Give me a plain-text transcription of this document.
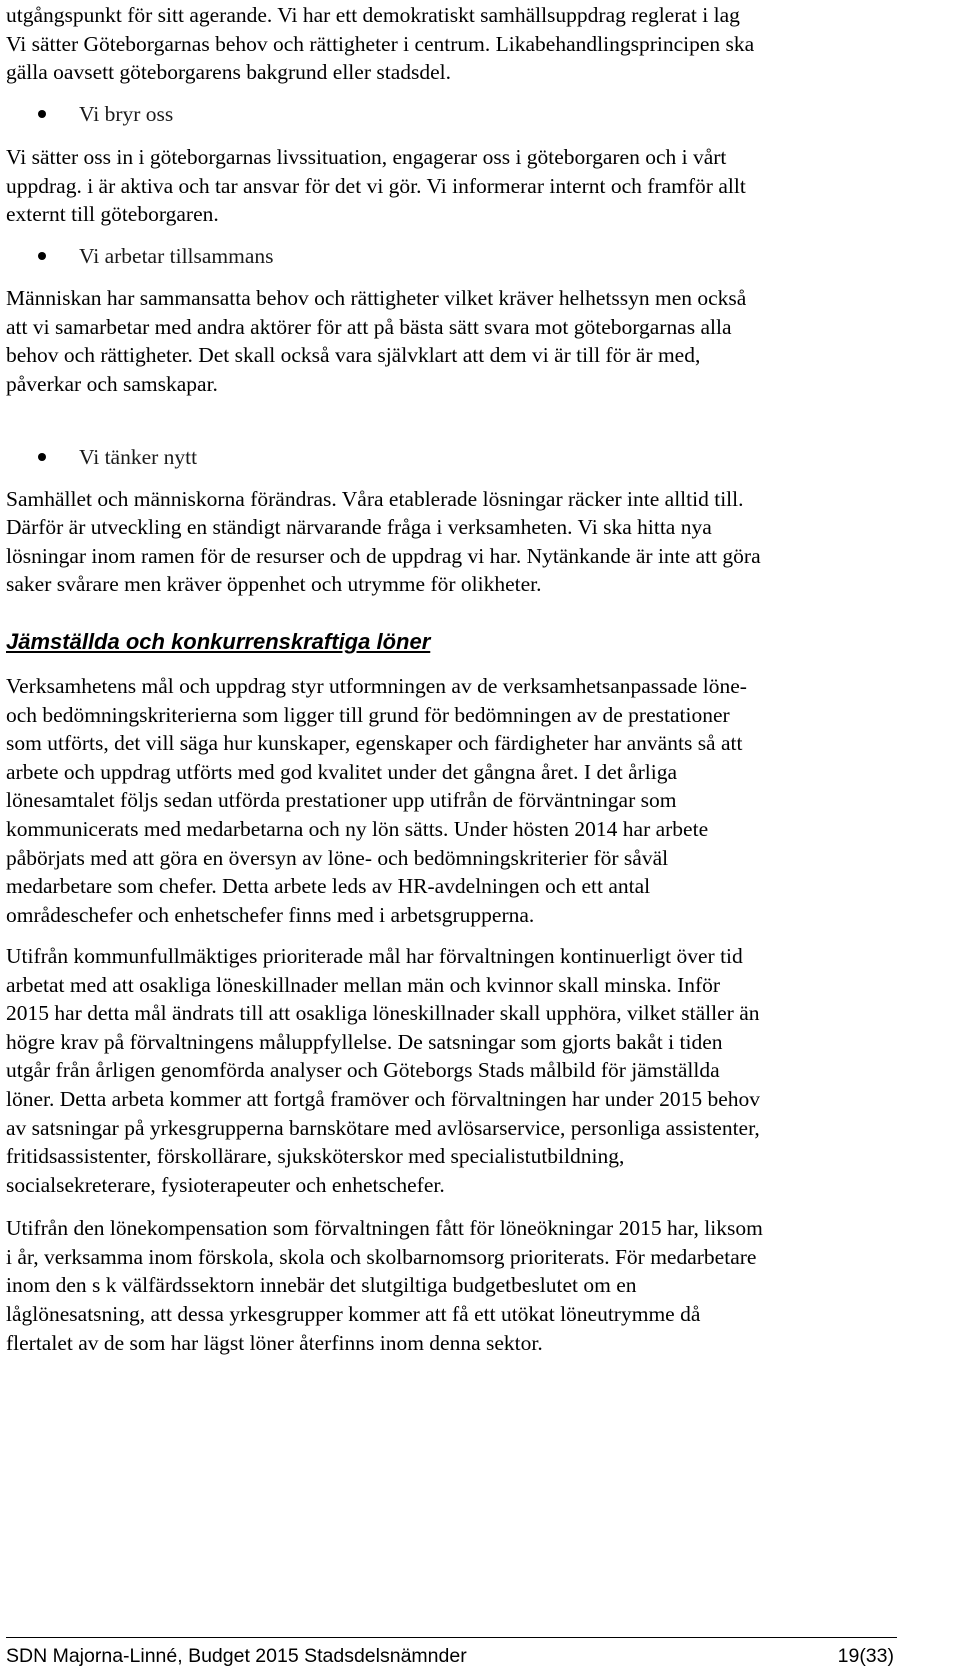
utgångspunkt för sitt agerande. Vi har ett demokratiskt samhällsuppdrag reglerat i lag

Vi sätter Göteborgarnas behov och rättigheter i centrum. Likabehandlingsprincipen ska

gälla oavsett göteborgarens bakgrund eller stadsdel.

Vi bryr oss

Vi sätter oss in i göteborgarnas livssituation, engagerar oss i göteborgaren och i vårt

uppdrag. i är aktiva och tar ansvar för det vi gör. Vi informerar internt och framför allt

externt till göteborgaren.

Vi arbetar tillsammans

Människan har sammansatta behov och rättigheter vilket kräver helhetssyn men också

att vi samarbetar med andra aktörer för att på bästa sätt svara mot göteborgarnas alla

behov och rättigheter. Det skall också vara självklart att dem vi är till för är med,

påverkar och samskapar.

Vi tänker nytt

Samhället och människorna förändras. Våra etablerade lösningar räcker inte alltid till.

Därför är utveckling en ständigt närvarande fråga i verksamheten. Vi ska hitta nya

lösningar inom ramen för de resurser och de uppdrag vi har. Nytänkande är inte att göra

saker svårare men kräver öppenhet och utrymme för olikheter.

Jämställda och konkurrenskraftiga löner

Verksamhetens mål och uppdrag styr utformningen av de verksamhetsanpassade löne-

och bedömningskriterierna som ligger till grund för bedömningen av de prestationer

som utförts, det vill säga hur kunskaper, egenskaper och färdigheter har använts så att

arbete och uppdrag utförts med god kvalitet under det gångna året. I det årliga

lönesamtalet följs sedan utförda prestationer upp utifrån de förväntningar som

kommunicerats med medarbetarna och ny lön sätts. Under hösten 2014 har arbete

påbörjats med att göra en översyn av löne- och bedömningskriterier för såväl

medarbetare som chefer. Detta arbete leds av HR-avdelningen och ett antal

områdeschefer och enhetschefer finns med i arbetsgrupperna.

Utifrån kommunfullmäktiges prioriterade mål har förvaltningen kontinuerligt över tid

arbetat med att osakliga löneskillnader mellan män och kvinnor skall minska. Inför

2015 har detta mål ändrats till att osakliga löneskillnader skall upphöra, vilket ställer än

högre krav på förvaltningens måluppfyllelse. De satsningar som gjorts bakåt i tiden

utgår från årligen genomförda analyser och Göteborgs Stads målbild för jämställda

löner. Detta arbeta kommer att fortgå framöver och förvaltningen har under 2015 behov

av satsningar på yrkesgrupperna barnskötare med avlösarservice, personliga assistenter,

fritidsassistenter, förskollärare, sjuksköterskor med specialistutbildning,

socialsekreterare, fysioterapeuter och enhetschefer.

Utifrån den lönekompensation som förvaltningen fått för löneökningar 2015 har, liksom

i år, verksamma inom förskola, skola och skolbarnomsorg prioriterats. För medarbetare

inom den s k välfärdssektorn innebär det slutgiltiga budgetbeslutet om en

låglönesatsning, att dessa yrkesgrupper kommer att få ett utökat löneutrymme då

flertalet av de som har lägst löner återfinns inom denna sektor.

SDN Majorna-Linné, Budget 2015 Stadsdelsnämnder	19(33)
